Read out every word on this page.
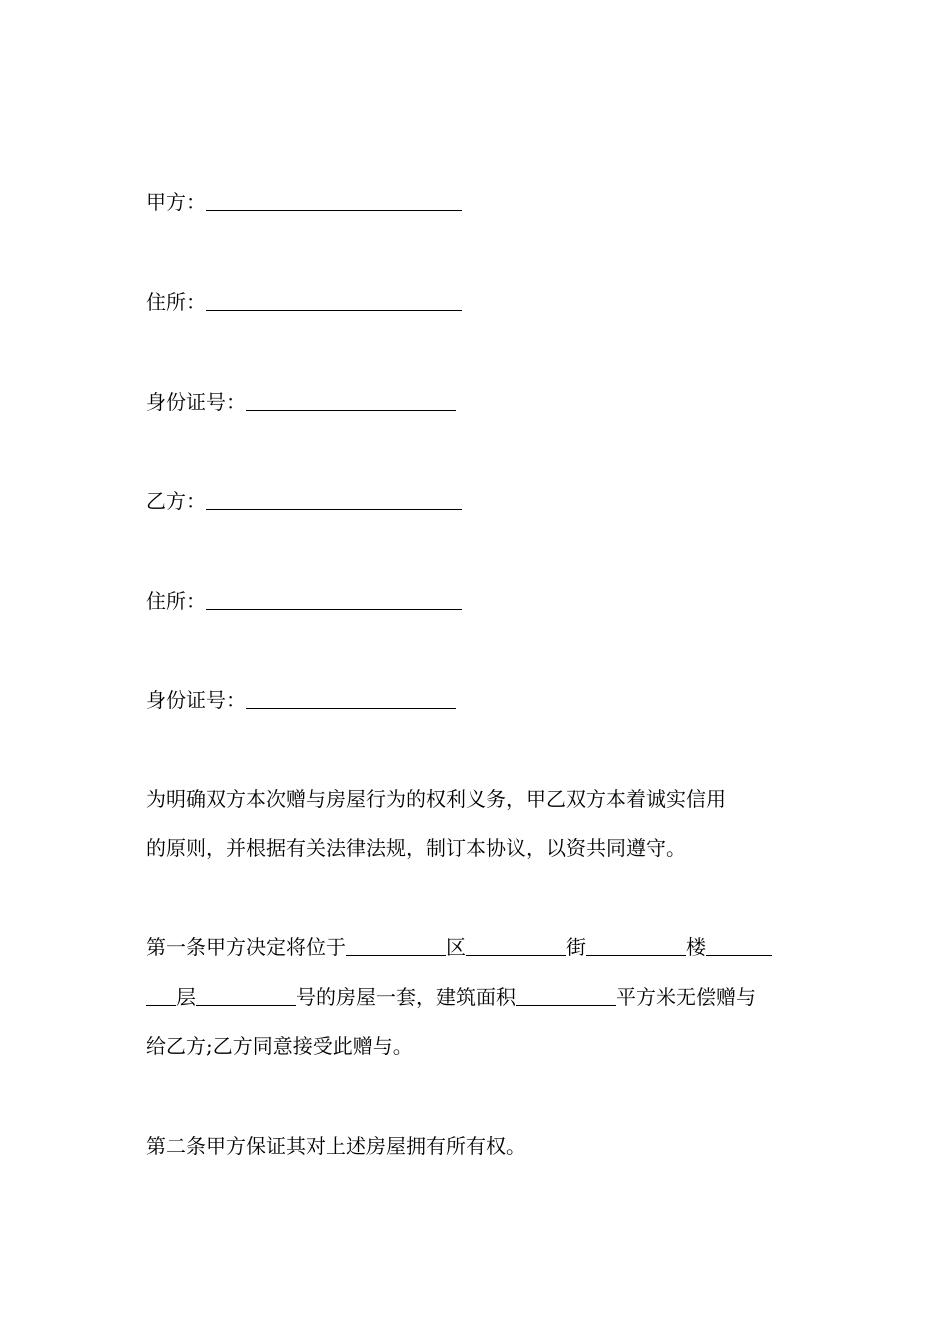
甲方：
住所：
身份证号：
乙方：
住所：
身份证号：
为明确双方本次赠与房屋行为的权利义务，甲乙双方本着诚实信用
的原则，并根据有关法律法规，制订本协议，以资共同遵守。
第一条甲方决定将位于	区	街	楼
层	号的房屋一套，建筑面积	平方米无偿赠与
给乙方;乙方同意接受此赠与。
第二条甲方保证其对上述房屋拥有所有权。
